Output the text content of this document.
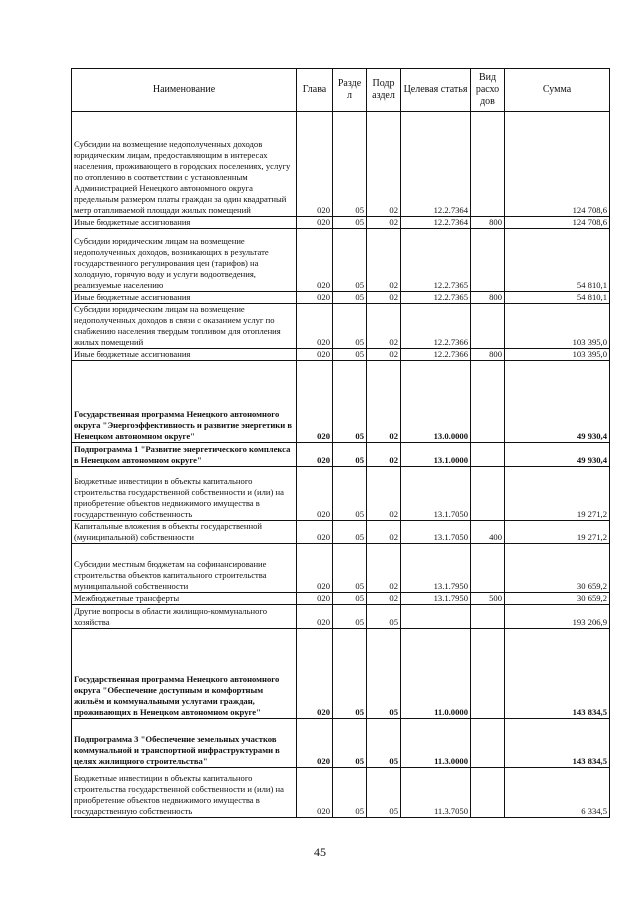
Наименование	Глава	Разде л	Подр аздел	Целевая статья	Вид расхо дов	Сумма
Субсидии на возмещение недополученных доходов юридическим лицам, предоставляющим в интересах населения, проживающего в городских поселениях, услугу по отоплению в соответствии с установленным Администрацией Ненецкого автономного округа предельным размером платы граждан за один квадратный метр отапливаемой площади жилых помещений	020	05	02	12.2.7364		124 708,6
Иные бюджетные ассигнования	020	05	02	12.2.7364	800	124 708,6
Субсидии юридическим лицам на возмещение недополученных доходов, возникающих в результате государственного регулирования цен (тарифов) на холодную, горячую воду и услуги водоотведения, реализуемые населению	020	05	02	12.2.7365		54 810,1
Иные бюджетные ассигнования	020	05	02	12.2.7365	800	54 810,1
Субсидии юридическим лицам на возмещение недополученных доходов в связи с оказанием услуг по снабжению населения твердым топливом для отопления жилых помещений	020	05	02	12.2.7366		103 395,0
Иные бюджетные ассигнования	020	05	02	12.2.7366	800	103 395,0
Государственная программа Ненецкого автономного округа "Энергоэффективность и развитие энергетики в Ненецком автономном округе"	020	05	02	13.0.0000		49 930,4
Подпрограмма 1 "Развитие энергетического комплекса в Ненецком автономном округе"	020	05	02	13.1.0000		49 930,4
Бюджетные инвестиции в объекты капитального строительства государственной собственности и (или) на приобретение объектов недвижимого имущества в государственную собственность	020	05	02	13.1.7050		19 271,2
Капитальные вложения в объекты государственной (муниципальной) собственности	020	05	02	13.1.7050	400	19 271,2
Субсидии местным бюджетам на софинансирование строительства объектов капитального строительства муниципальной собственности	020	05	02	13.1.7950		30 659,2
Межбюджетные трансферты	020	05	02	13.1.7950	500	30 659,2
Другие вопросы в области жилищно-коммунального хозяйства	020	05	05			193 206,9
Государственная программа Ненецкого автономного округа "Обеспечение доступным и комфортным жильём и коммунальными услугами граждан, проживающих в Ненецком автономном округе"	020	05	05	11.0.0000		143 834,5
Подпрограмма 3 "Обеспечение земельных участков коммунальной и транспортной инфраструктурами в целях жилищного строительства"	020	05	05	11.3.0000		143 834,5
Бюджетные инвестиции в объекты капитального строительства государственной собственности и (или) на приобретение объектов недвижимого имущества в государственную собственность	020	05	05	11.3.7050		6 334,5
45
